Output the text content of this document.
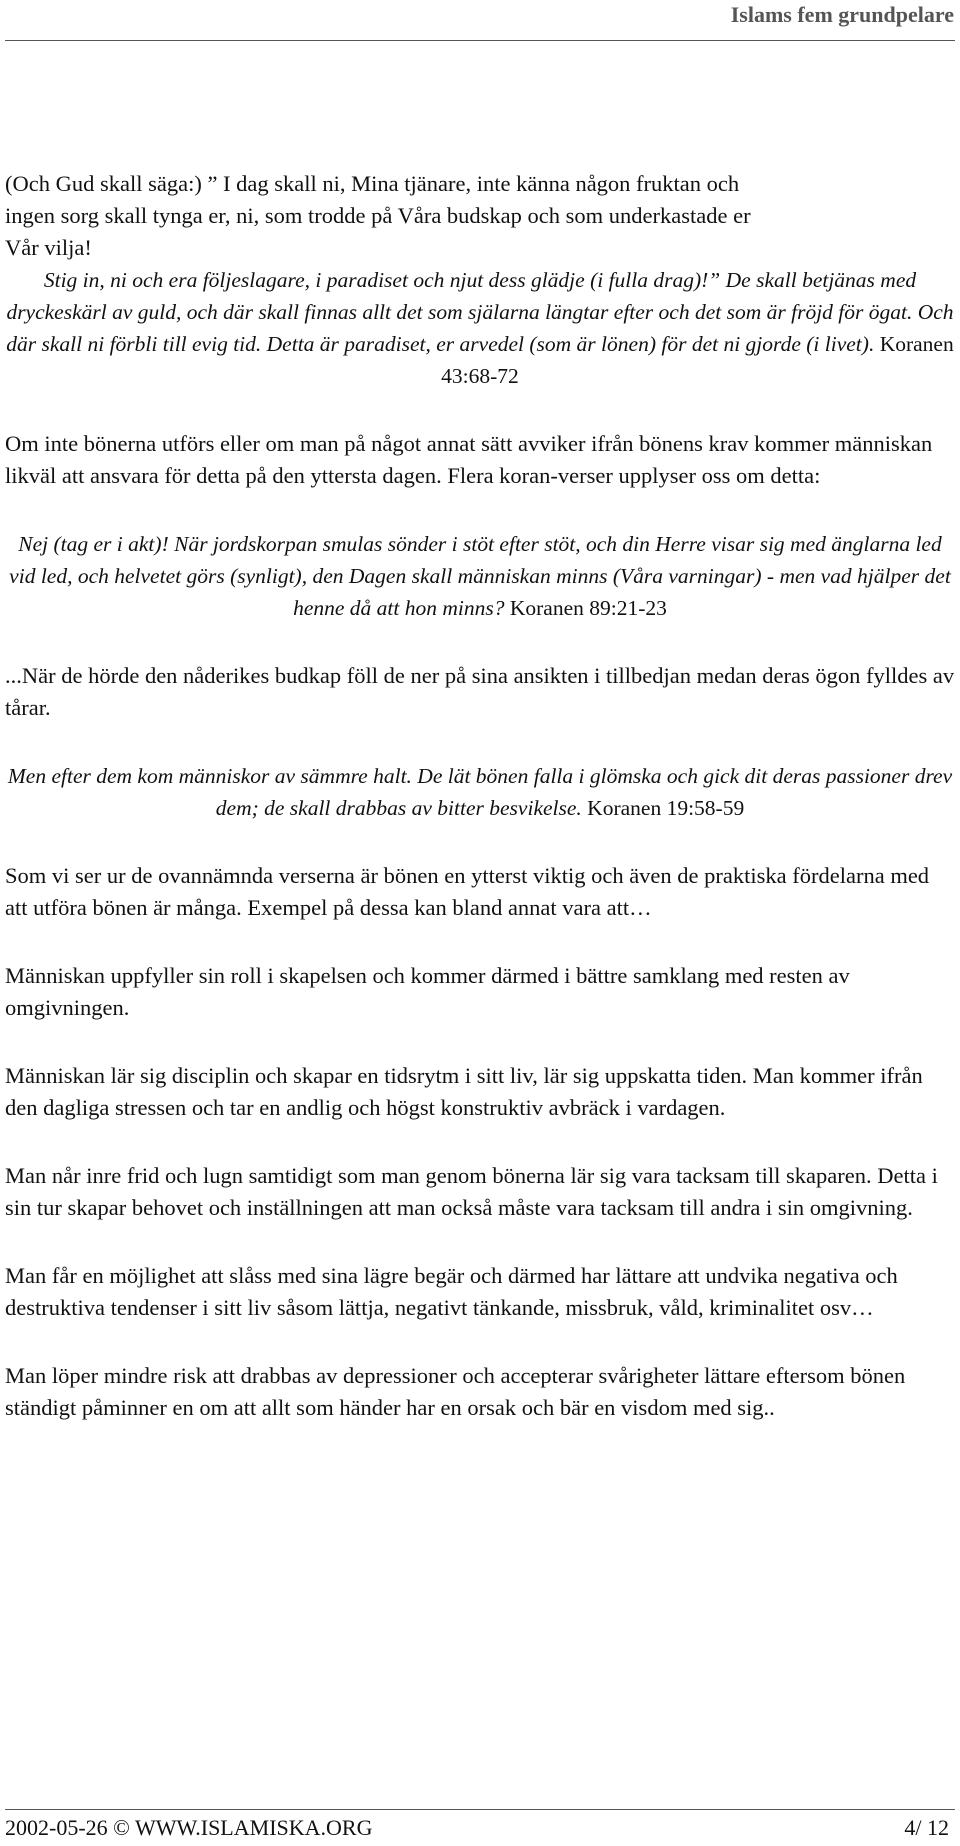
Islams fem grundpelare

(Och Gud skall säga:) ” I dag skall ni, Mina tjänare, inte känna någon fruktan och
ingen sorg skall tynga er, ni, som trodde på Våra budskap och som underkastade er
Vår vilja!

Stig in, ni och era följeslagare, i paradiset och njut dess glädje (i fulla drag)!” De skall betjänas med dryckeskärl av guld, och där skall finnas allt det som själarna längtar efter och det som är fröjd för ögat. Och där skall ni förbli till evig tid. Detta är paradiset, er arvedel (som är lönen) för det ni gjorde (i livet). Koranen 43:68-72

Om inte bönerna utförs eller om man på något annat sätt avviker ifrån bönens krav kommer människan likväl att ansvara för detta på den yttersta dagen. Flera koran-verser upplyser oss om detta:

Nej (tag er i akt)! När jordskorpan smulas sönder i stöt efter stöt, och din Herre visar sig med änglarna led vid led, och helvetet görs (synligt), den Dagen skall människan minns (Våra varningar) - men vad hjälper det henne då att hon minns? Koranen 89:21-23

...När de hörde den nåderikes budkap föll de ner på sina ansikten i tillbedjan medan deras ögon fylldes av tårar.

Men efter dem kom människor av sämmre halt. De lät bönen falla i glömska och gick dit deras passioner drev dem; de skall drabbas av bitter besvikelse. Koranen 19:58-59

Som vi ser ur de ovannämnda verserna är bönen en ytterst viktig och även de praktiska fördelarna med att utföra bönen är många. Exempel på dessa kan bland annat vara att…

Människan uppfyller sin roll i skapelsen och kommer därmed i bättre samklang med resten av omgivningen.

Människan lär sig disciplin och skapar en tidsrytm i sitt liv, lär sig uppskatta tiden. Man kommer ifrån den dagliga stressen och tar en andlig och högst konstruktiv avbräck i vardagen.

Man når inre frid och lugn samtidigt som man genom bönerna lär sig vara tacksam till skaparen. Detta i sin tur skapar behovet och inställningen att man också måste vara tacksam till andra i sin omgivning.

Man får en möjlighet att slåss med sina lägre begär och därmed har lättare att undvika negativa och destruktiva tendenser i sitt liv såsom lättja, negativt tänkande, missbruk, våld, kriminalitet osv…

Man löper mindre risk att drabbas av depressioner och accepterar svårigheter lättare eftersom bönen ständigt påminner en om att allt som händer har en orsak och bär en visdom med sig..

2002-05-26 © WWW.ISLAMISKA.ORG	4/ 12
